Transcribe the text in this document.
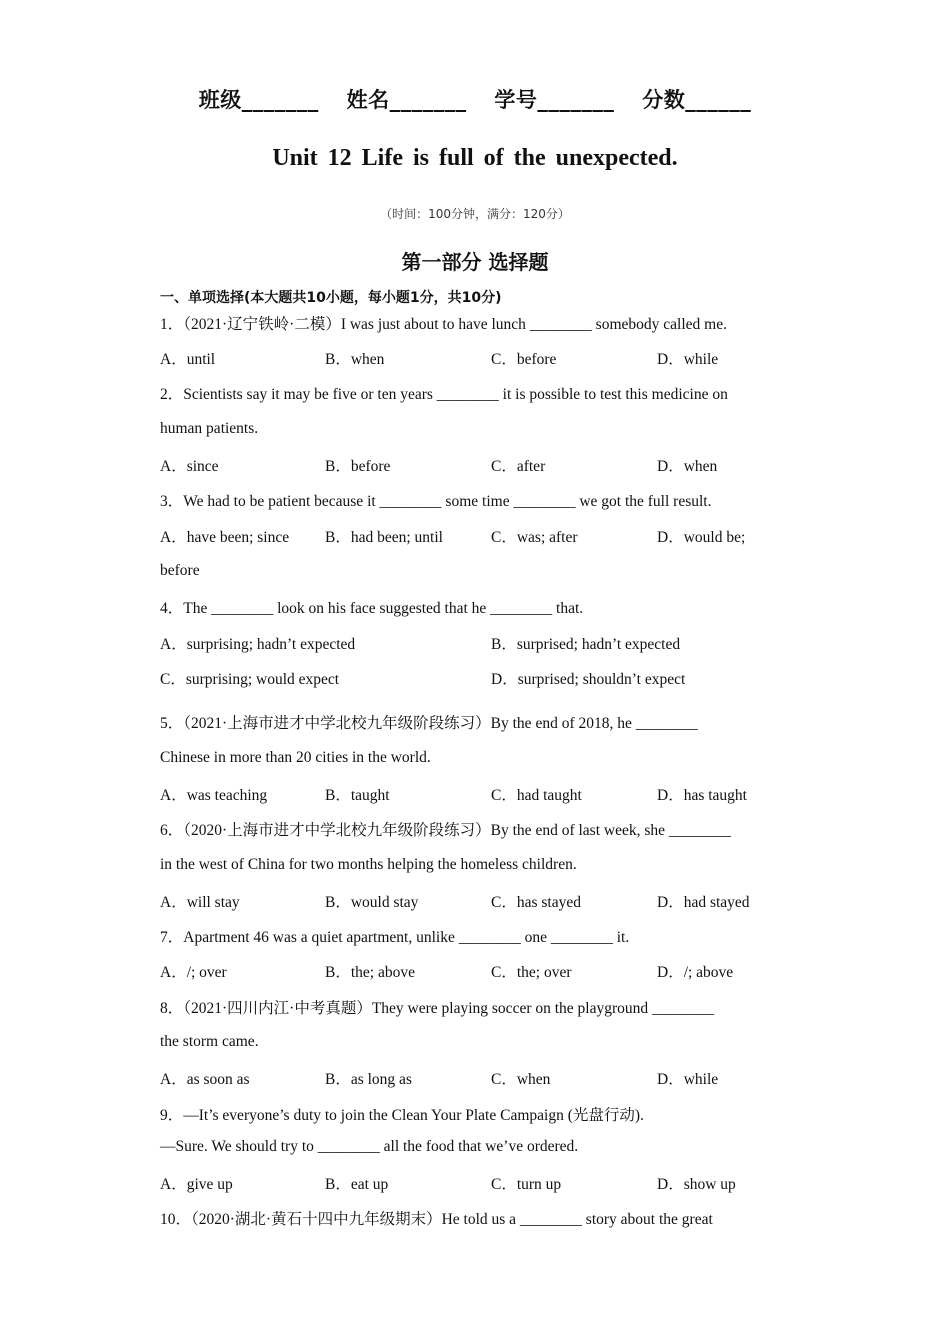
班级_______ 姓名_______ 学号_______ 分数______
Unit 12 Life is full of the unexpected.
（时间：100分钟，满分：120分）
第一部分 选择题
一、单项选择(本大题共10小题，每小题1分，共10分)
1．（2021·辽宁铁岭·二模）I was just about to have lunch ________ somebody called me.
A．until	B．when	C．before	D．while
2．Scientists say it may be five or ten years ________ it is possible to test this medicine on
human patients.
A．since	B．before	C．after	D．when
3．We had to be patient because it ________ some time ________ we got the full result.
A．have been; since B．had been; until	C．was; after	D．would be;
before
4．The ________ look on his face suggested that he ________ that.
A．surprising; hadn’t expected	B．surprised; hadn’t expected
C．surprising; would expect	D．surprised; shouldn’t expect
5．（2021·上海市进才中学北校九年级阶段练习）By the end of 2018, he ________
Chinese in more than 20 cities in the world.
A．was teaching	B．taught	C．had taught	D．has taught
6．（2020·上海市进才中学北校九年级阶段练习）By the end of last week, she ________
in the west of China for two months helping the homeless children.
A．will stay	B．would stay	C．has stayed	D．had stayed
7．Apartment 46 was a quiet apartment, unlike ________ one ________ it.
A．/; over	B．the; above	C．the; over	D．/; above
8．（2021·四川内江·中考真题）They were playing soccer on the playground ________
the storm came.
A．as soon as	B．as long as	C．when	D．while
9．—It’s everyone’s duty to join the Clean Your Plate Campaign (光盘行动).
—Sure. We should try to ________ all the food that we’ve ordered.
A．give up	B．eat up	C．turn up	D．show up
10．（2020·湖北·黄石十四中九年级期末）He told us a ________ story about the great
